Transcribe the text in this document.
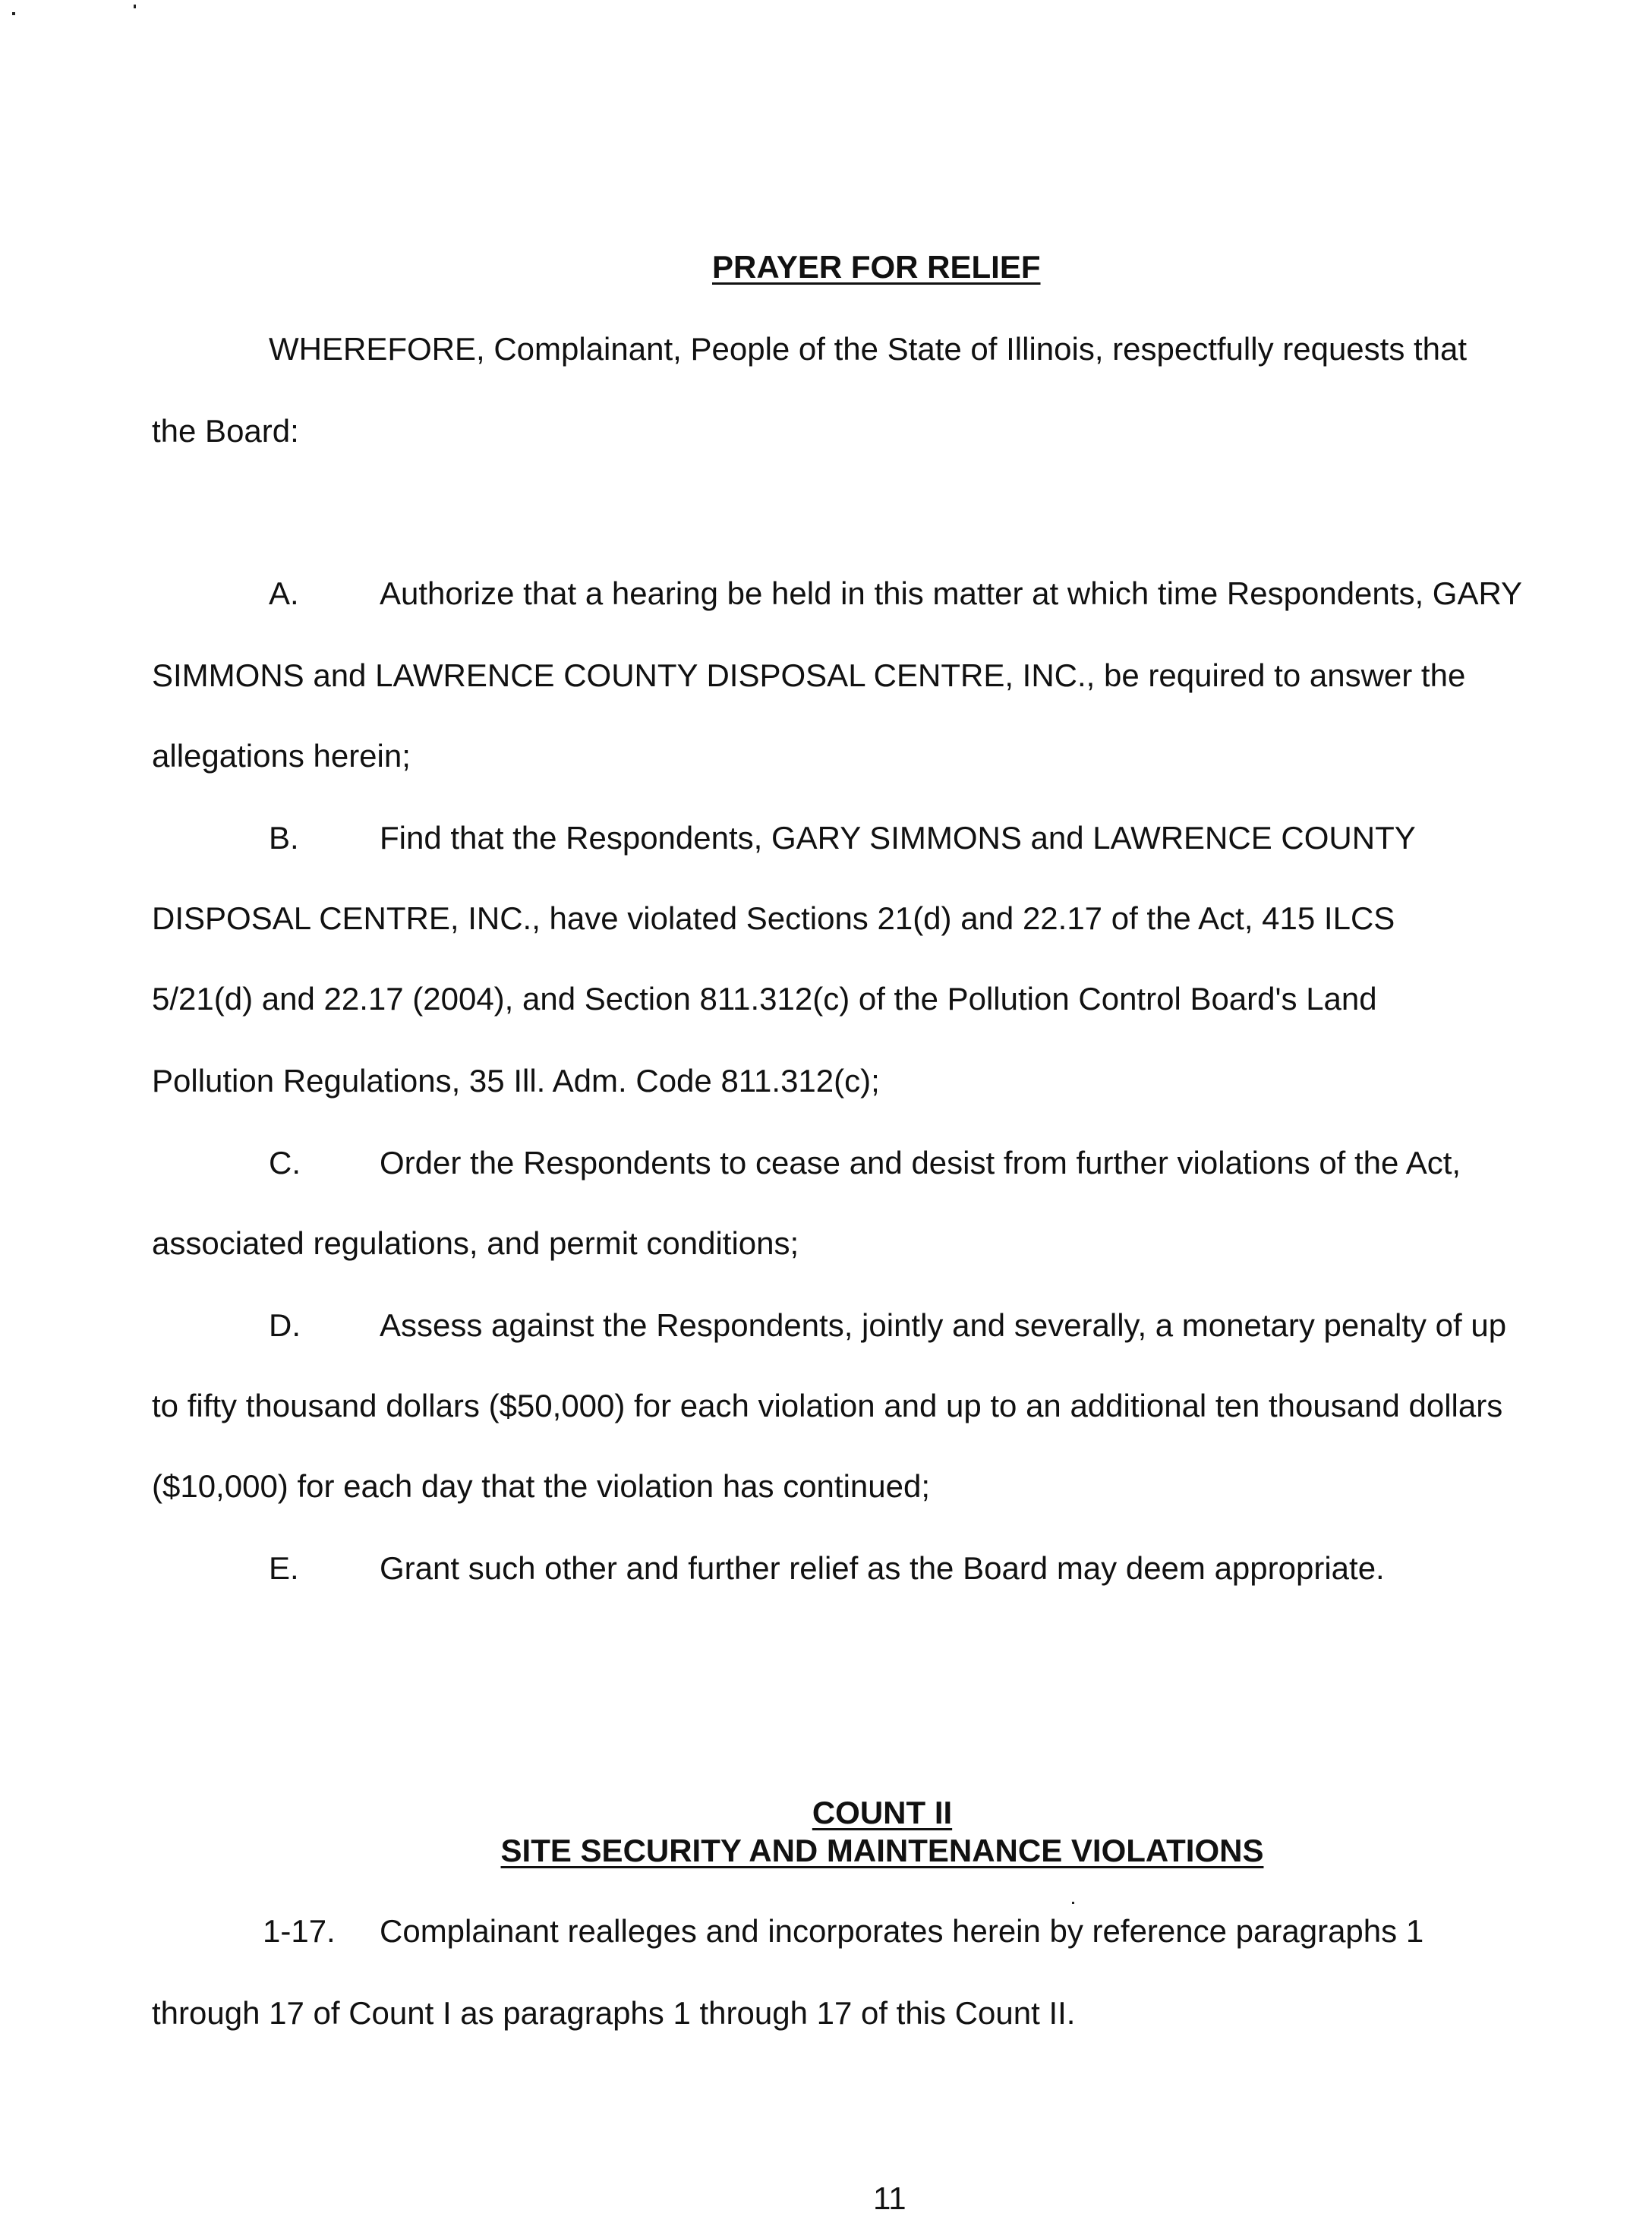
PRAYER FOR RELIEF
WHEREFORE, Complainant, People of the State of Illinois, respectfully requests that
the Board:
A.	Authorize that a hearing be held in this matter at which time Respondents, GARY
SIMMONS and LAWRENCE COUNTY DISPOSAL CENTRE, INC., be required to answer the
allegations herein;
B.	Find that the Respondents, GARY SIMMONS and LAWRENCE COUNTY
DISPOSAL CENTRE, INC., have violated Sections 21(d) and 22.17 of the Act, 415 ILCS
5/21(d) and 22.17 (2004), and Section 811.312(c) of the Pollution Control Board's Land
Pollution Regulations, 35 Ill. Adm. Code 811.312(c);
C. Order the Respondents to cease and desist from further violations of the Act,
associated regulations, and permit conditions;
D. Assess against the Respondents, jointly and severally, a monetary penalty of up
to fifty thousand dollars ($50,000) for each violation and up to an additional ten thousand dollars
($10,000) for each day that the violation has continued;
E.	Grant such other and further relief as the Board may deem appropriate.
COUNT II
SITE SECURITY AND MAINTENANCE VIOLATIONS
1-17. Complainant realleges and incorporates herein by reference paragraphs 1
through 17 of Count I as paragraphs 1 through 17 of this Count II.
11
